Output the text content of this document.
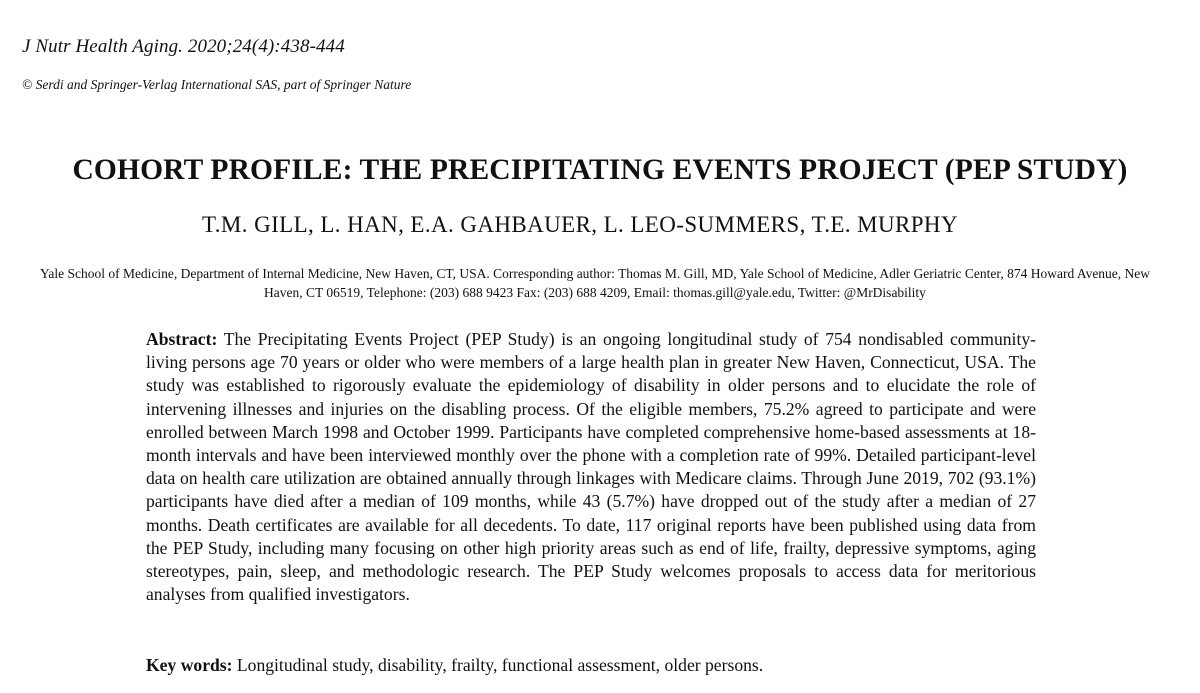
J Nutr Health Aging. 2020;24(4):438-444
© Serdi and Springer-Verlag International SAS, part of Springer Nature
COHORT PROFILE: THE PRECIPITATING EVENTS PROJECT (PEP STUDY)
T.M. GILL, L. HAN, E.A. GAHBAUER, L. LEO-SUMMERS, T.E. MURPHY
Yale School of Medicine, Department of Internal Medicine, New Haven, CT, USA. Corresponding author: Thomas M. Gill, MD, Yale School of Medicine, Adler Geriatric Center, 874 Howard Avenue, New Haven, CT 06519, Telephone: (203) 688 9423 Fax: (203) 688 4209, Email: thomas.gill@yale.edu, Twitter: @MrDisability

Abstract: The Precipitating Events Project (PEP Study) is an ongoing longitudinal study of 754 nondisabled community-living persons age 70 years or older who were members of a large health plan in greater New Haven, Connecticut, USA. The study was established to rigorously evaluate the epidemiology of disability in older persons and to elucidate the role of intervening illnesses and injuries on the disabling process. Of the eligible members, 75.2% agreed to participate and were enrolled between March 1998 and October 1999. Participants have completed comprehensive home-based assessments at 18-month intervals and have been interviewed monthly over the phone with a completion rate of 99%. Detailed participant-level data on health care utilization are obtained annually through linkages with Medicare claims. Through June 2019, 702 (93.1%) participants have died after a median of 109 months, while 43 (5.7%) have dropped out of the study after a median of 27 months. Death certificates are available for all decedents. To date, 117 original reports have been published using data from the PEP Study, including many focusing on other high priority areas such as end of life, frailty, depressive symptoms, aging stereotypes, pain, sleep, and methodologic research. The PEP Study welcomes proposals to access data for meritorious analyses from qualified investigators.

Key words: Longitudinal study, disability, frailty, functional assessment, older persons.
